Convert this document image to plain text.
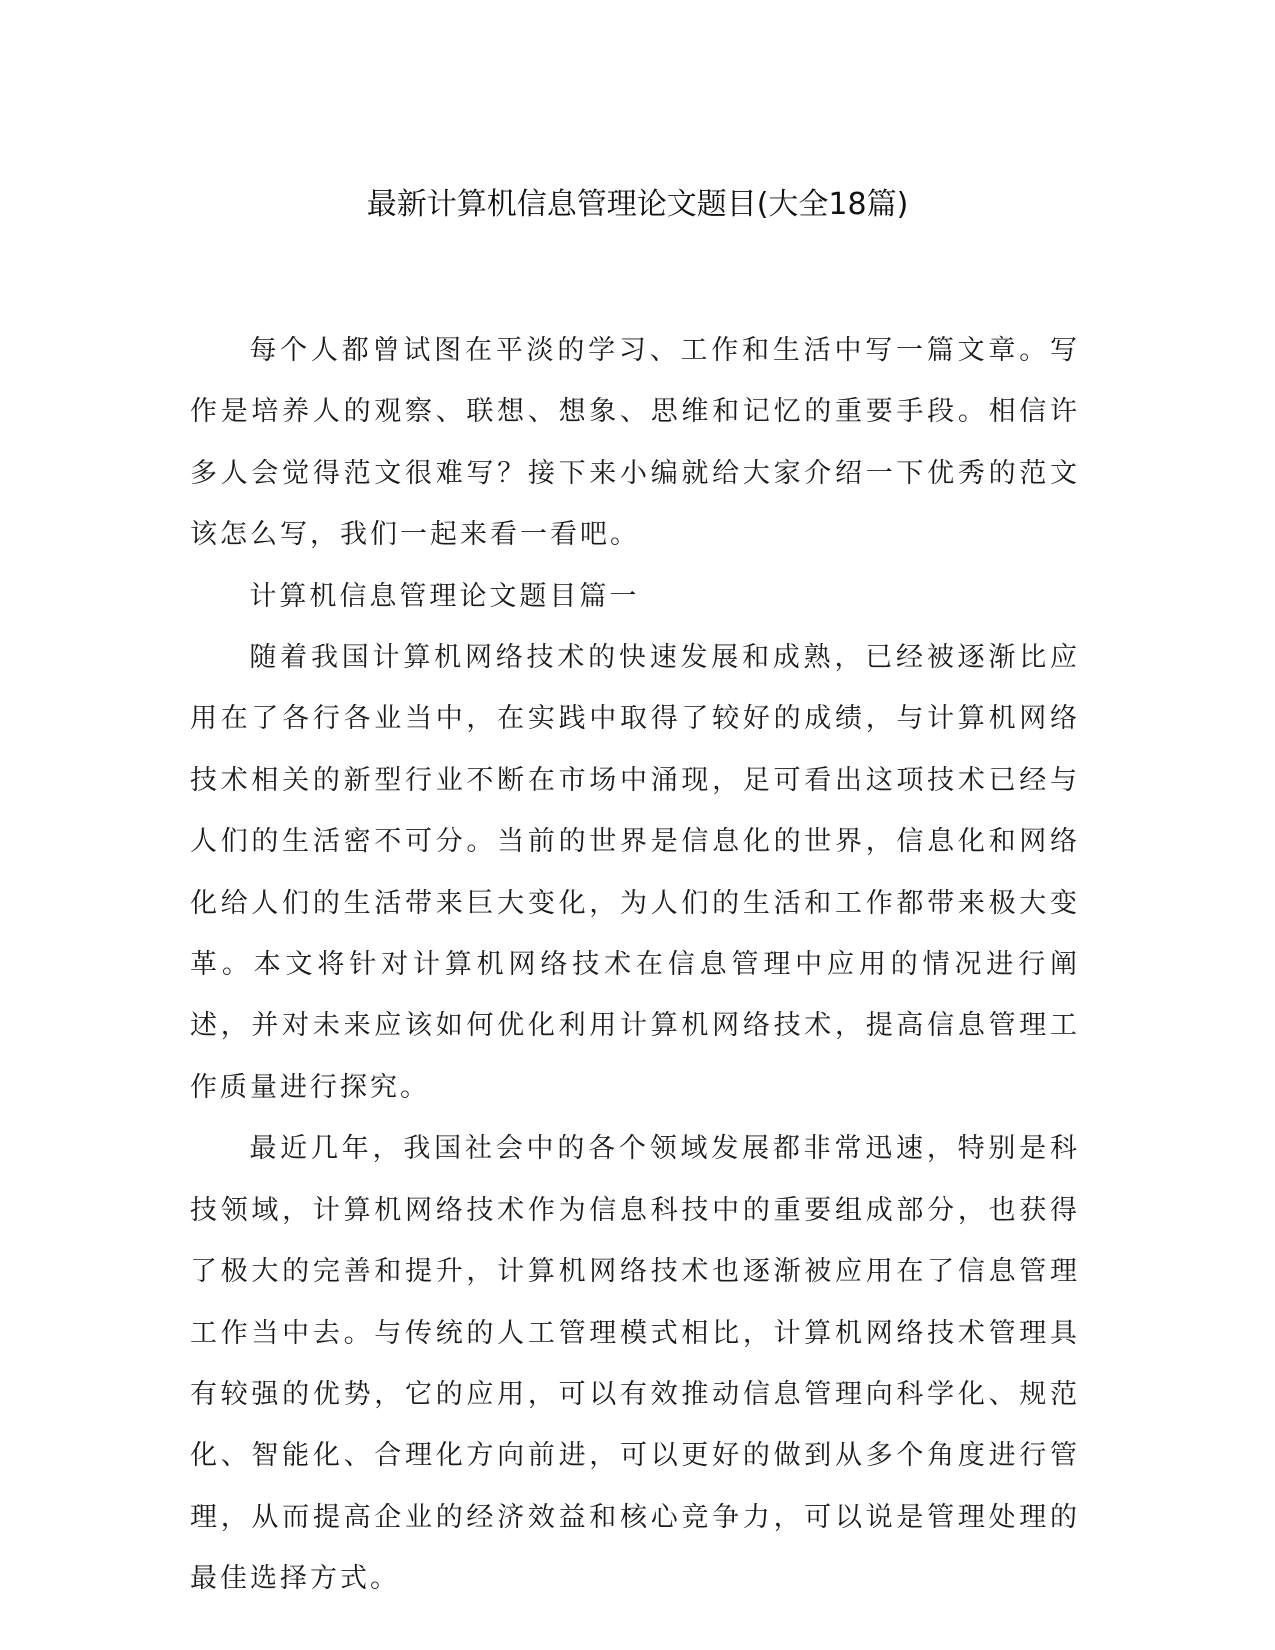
最新计算机信息管理论文题目(大全18篇)

每个人都曾试图在平淡的学习、工作和生活中写一篇文章。写作是培养人的观察、联想、想象、思维和记忆的重要手段。相信许多人会觉得范文很难写？接下来小编就给大家介绍一下优秀的范文该怎么写，我们一起来看一看吧。

计算机信息管理论文题目篇一

随着我国计算机网络技术的快速发展和成熟，已经被逐渐比应用在了各行各业当中，在实践中取得了较好的成绩，与计算机网络技术相关的新型行业不断在市场中涌现，足可看出这项技术已经与人们的生活密不可分。当前的世界是信息化的世界，信息化和网络化给人们的生活带来巨大变化，为人们的生活和工作都带来极大变革。本文将针对计算机网络技术在信息管理中应用的情况进行阐述，并对未来应该如何优化利用计算机网络技术，提高信息管理工作质量进行探究。

最近几年，我国社会中的各个领域发展都非常迅速，特别是科技领域，计算机网络技术作为信息科技中的重要组成部分，也获得了极大的完善和提升，计算机网络技术也逐渐被应用在了信息管理工作当中去。与传统的人工管理模式相比，计算机网络技术管理具有较强的优势，它的应用，可以有效推动信息管理向科学化、规范化、智能化、合理化方向前进，可以更好的做到从多个角度进行管理，从而提高企业的经济效益和核心竞争力，可以说是管理处理的最佳选择方式。
